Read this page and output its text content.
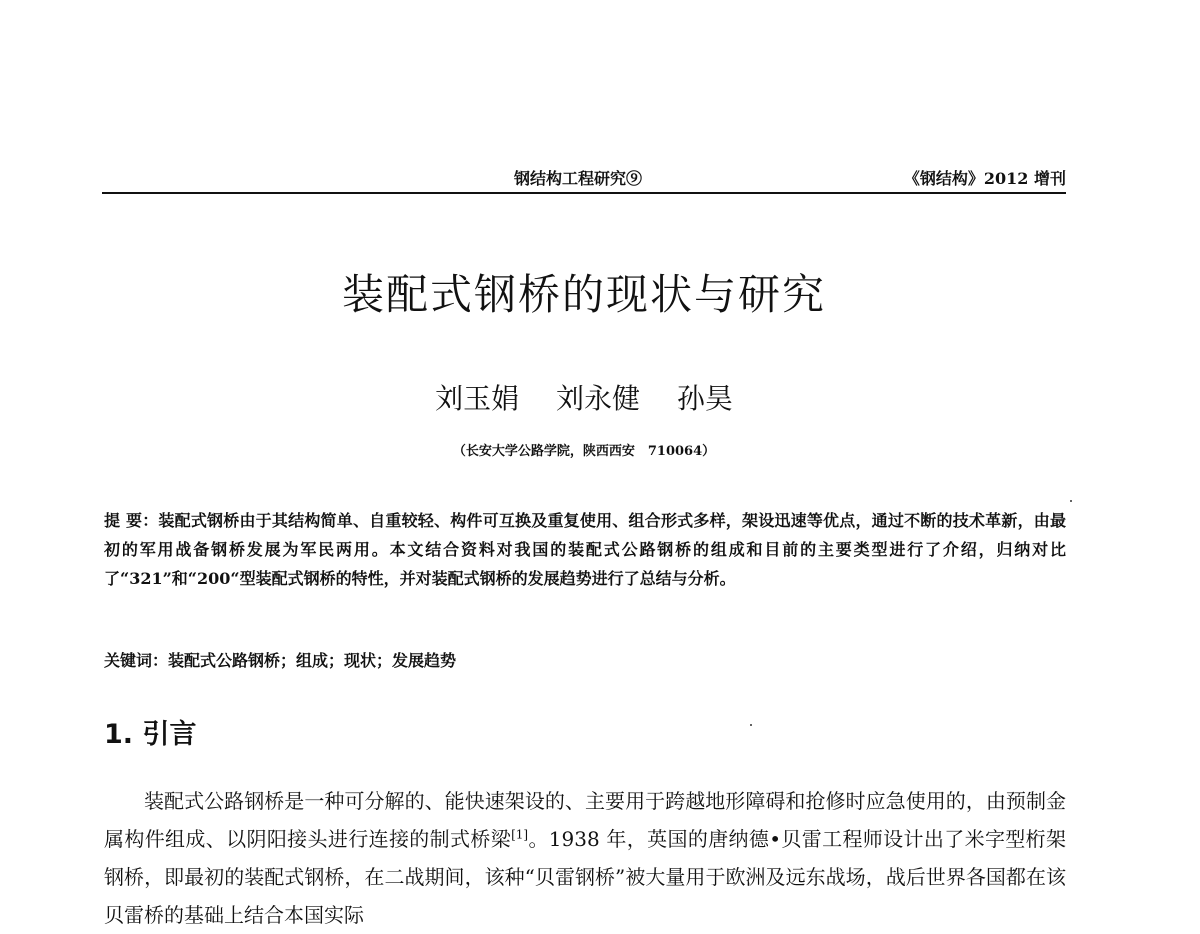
钢结构工程研究⑨	《钢结构》2012 增刊
装配式钢桥的现状与研究
刘玉娟 刘永健 孙昊
（长安大学公路学院，陕西西安　710064）
提 要：装配式钢桥由于其结构简单、自重较轻、构件可互换及重复使用、组合形式多样，架设迅速等优点，通过不断的技术革新，由最初的军用战备钢桥发展为军民两用。本文结合资料对我国的装配式公路钢桥的组成和目前的主要类型进行了介绍，归纳对比了“321”和“200“型装配式钢桥的特性，并对装配式钢桥的发展趋势进行了总结与分析。
关键词：装配式公路钢桥；组成；现状；发展趋势
1. 引言
装配式公路钢桥是一种可分解的、能快速架设的、主要用于跨越地形障碍和抢修时应急使用的，由预制金属构件组成、以阴阳接头进行连接的制式桥梁[1]。1938 年，英国的唐纳德•贝雷工程师设计出了米字型桁架钢桥，即最初的装配式钢桥，在二战期间，该种“贝雷钢桥”被大量用于欧洲及远东战场，战后世界各国都在该贝雷桥的基础上结合本国实际
